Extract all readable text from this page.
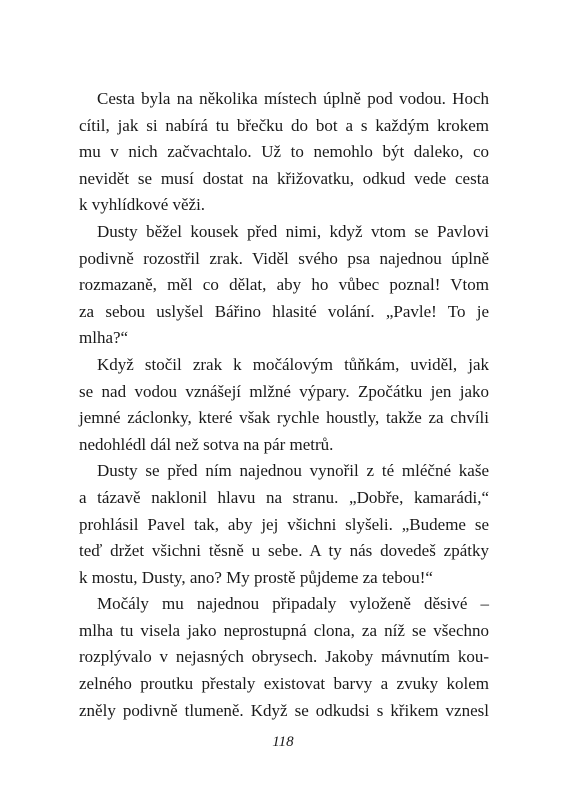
Cesta byla na několika místech úplně pod vodou. Hoch
cítil, jak si nabírá tu břečku do bot a s každým krokem
mu v nich začvachtalo. Už to nemohlo být daleko, co
nevidět se musí dostat na křižovatku, odkud vede cesta
k vyhlídkové věži.
Dusty běžel kousek před nimi, když vtom se Pavlovi
podivně rozostřil zrak. Viděl svého psa najednou úplně
rozmazaně, měl co dělat, aby ho vůbec poznal! Vtom
za sebou uslyšel Bářino hlasité volání. „Pavle! To je
mlha?“
Když stočil zrak k močálovým tůňkám, uviděl, jak
se nad vodou vznášejí mlžné výpary. Zpočátku jen jako
jemné záclonky, které však rychle houstly, takže za chvíli
nedohlédl dál než sotva na pár metrů.
Dusty se před ním najednou vynořil z té mléčné kaše
a tázavě naklonil hlavu na stranu. „Dobře, kamarádi,“
prohlásil Pavel tak, aby jej všichni slyšeli. „Budeme se
teď držet všichni těsně u sebe. A ty nás dovedeš zpátky
k mostu, Dusty, ano? My prostě půjdeme za tebou!“
Močály mu najednou připadaly vyloženě děsivé –
mlha tu visela jako neprostupná clona, za níž se všechno
rozplývalo v nejasných obrysech. Jakoby mávnutím kou-
zelného proutku přestaly existovat barvy a zvuky kolem
zněly podivně tlumeně. Když se odkudsi s křikem vznesl
118
